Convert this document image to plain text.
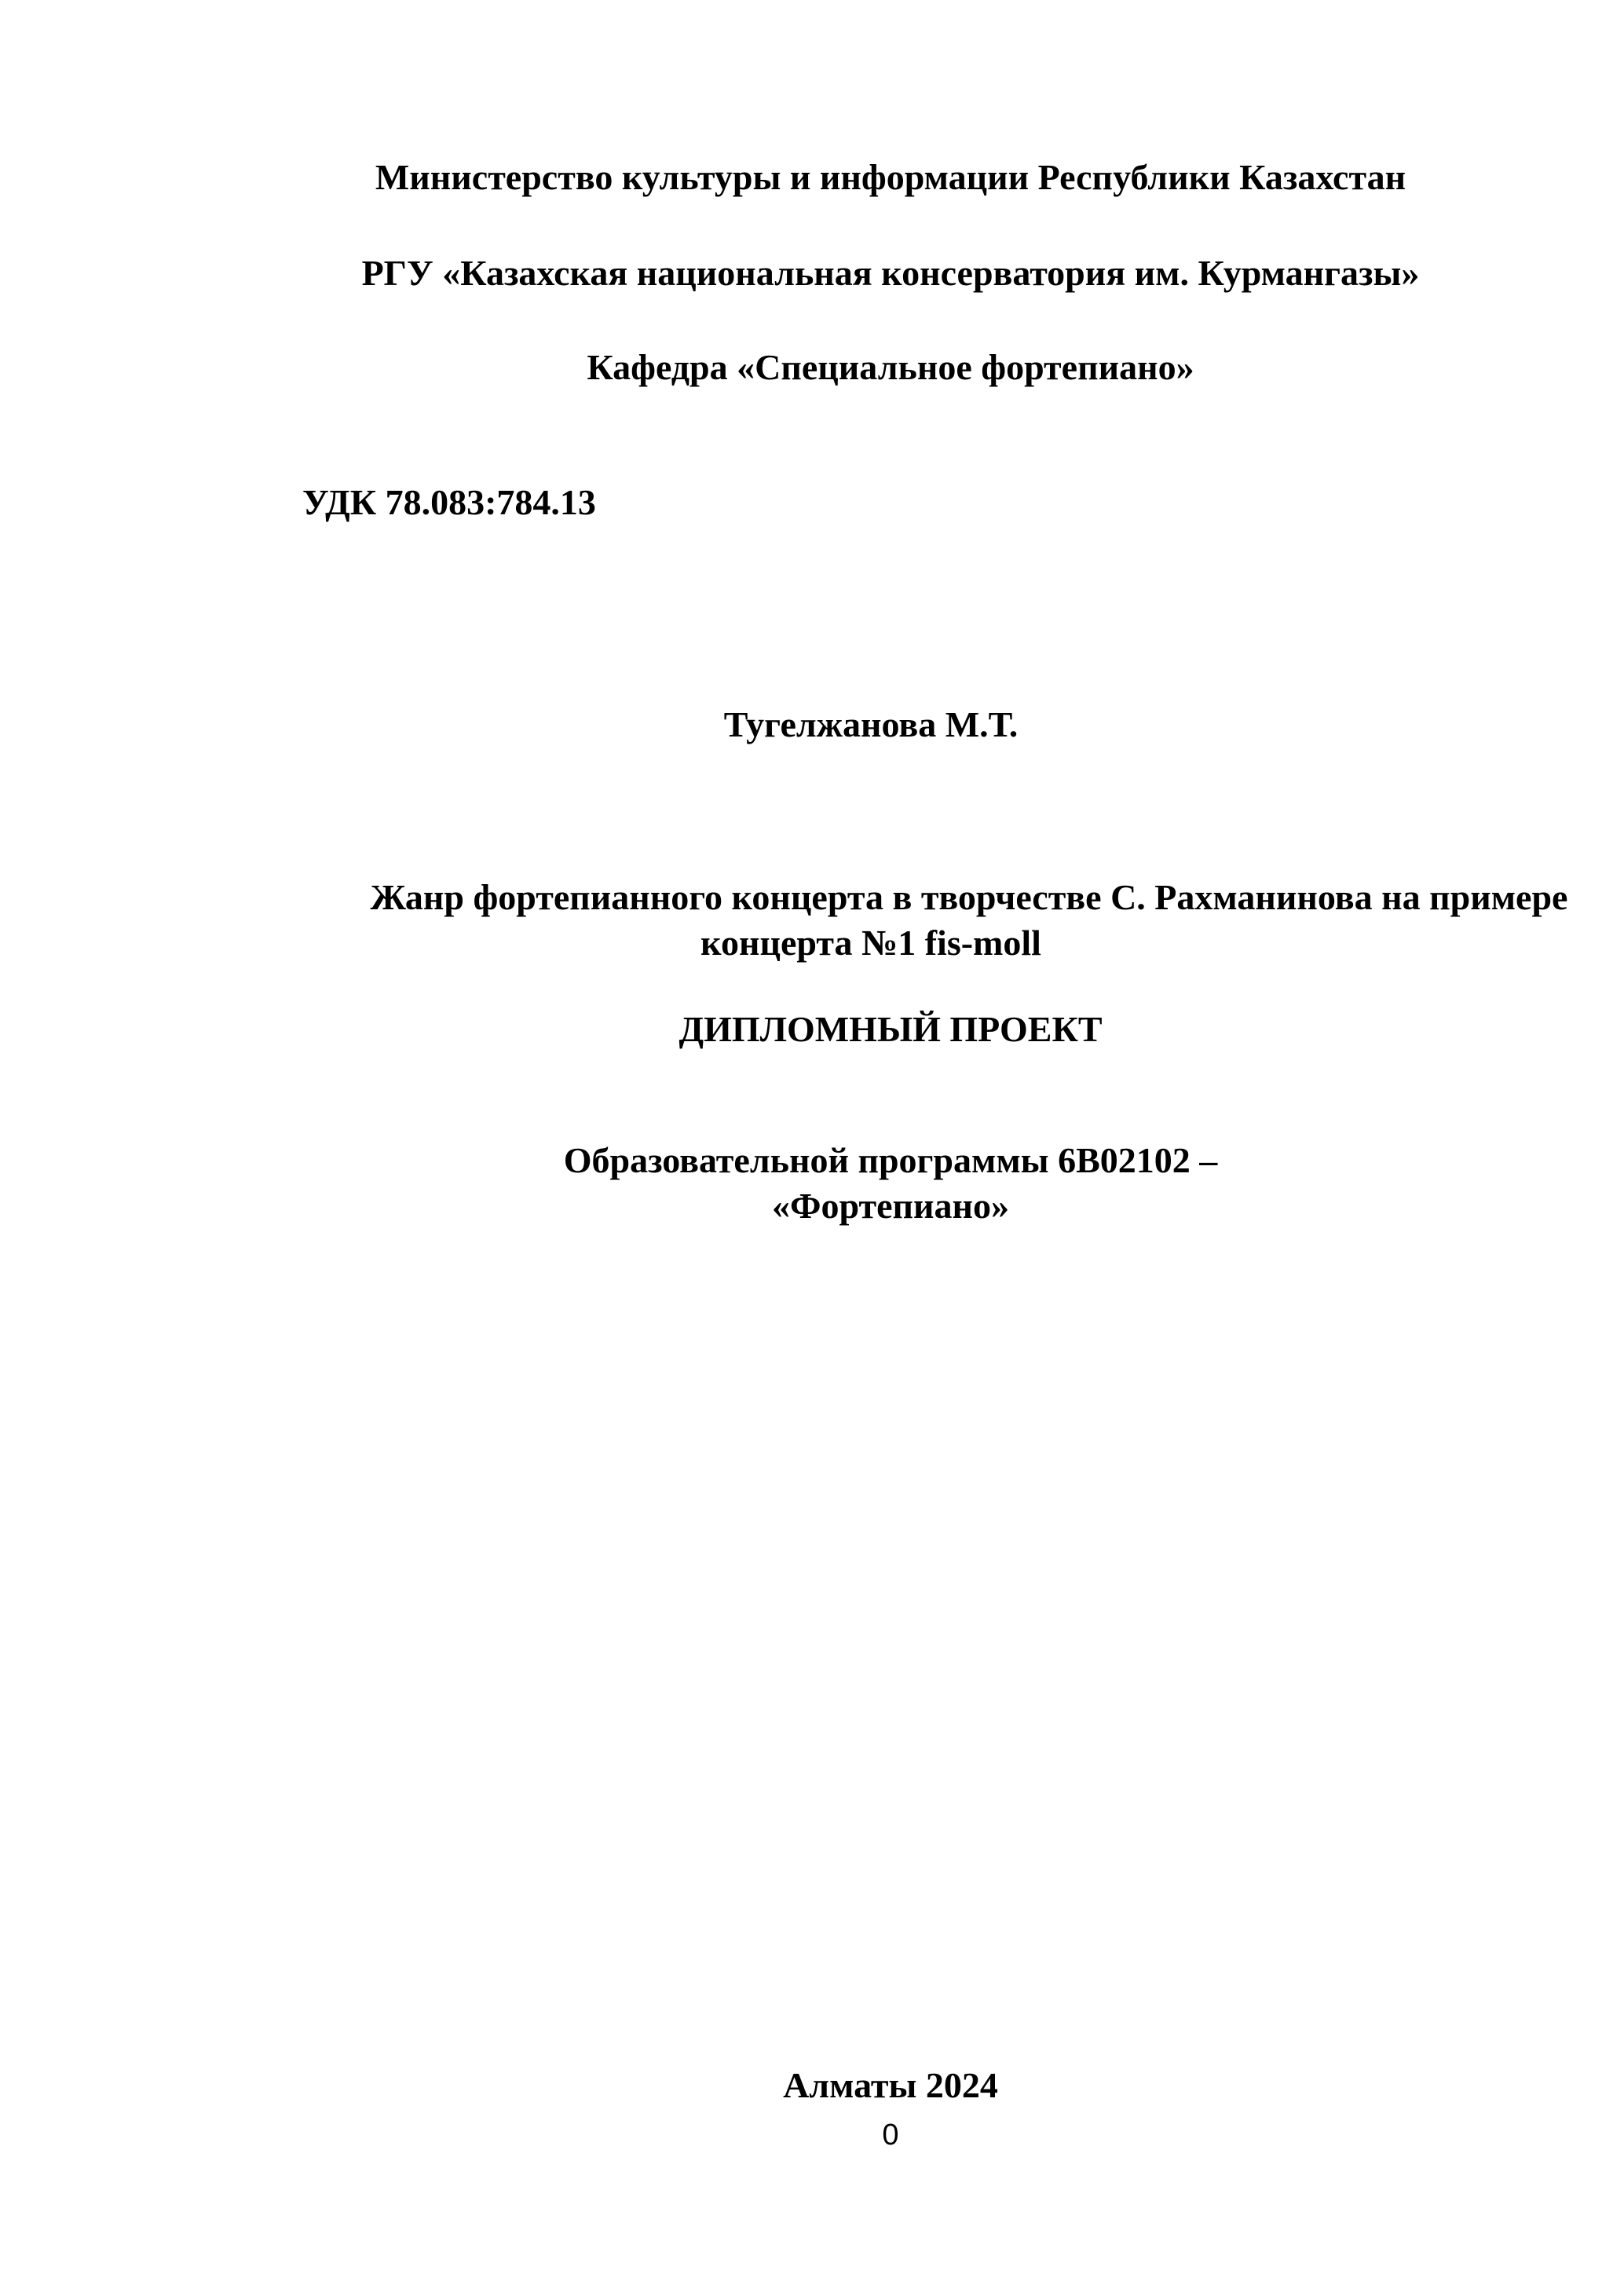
Министерство культуры и информации Республики Казахстан
РГУ «Казахская национальная консерватория им. Курмангазы»
Кафедра «Специальное фортепиано»
УДК 78.083:784.13
Тугелжанова М.Т.
Жанр фортепианного концерта в творчестве С. Рахманинова на примере
концерта №1 fis-moll
ДИПЛОМНЫЙ ПРОЕКТ
Образовательной программы 6В02102 –
«Фортепиано»
Алматы 2024
0
